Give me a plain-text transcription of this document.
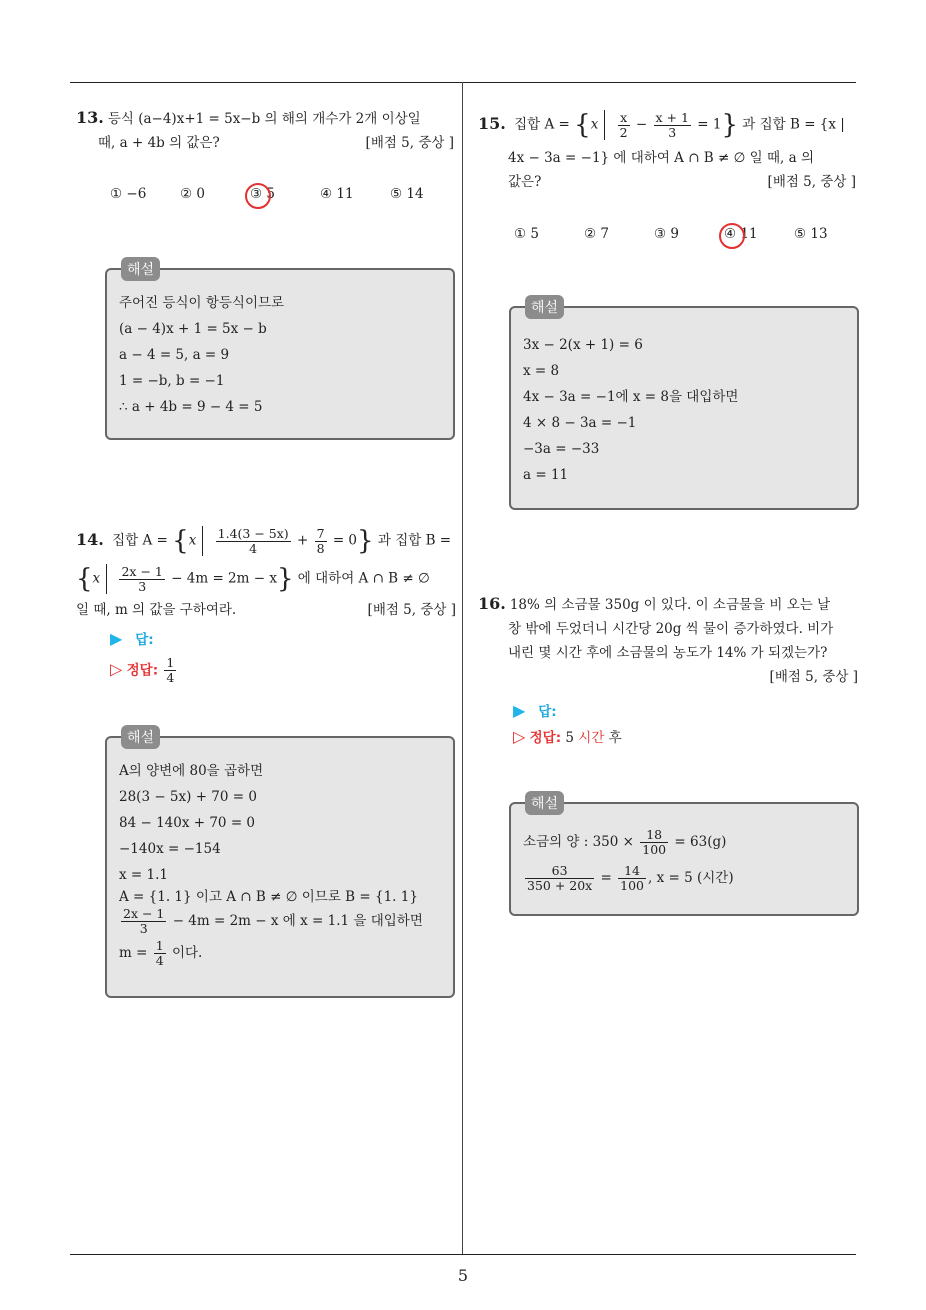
5
13. 등식 (a−4)x+1 = 5x−b 의 해의 개수가 2개 이상일
때, a + 4b 의 값은?	[배점 5, 중상 ]
① −6 ② 0	③ 5	④ 11	⑤ 14
해설
주어진 등식이 항등식이므로
(a − 4)x + 1 = 5x − b
a − 4 = 5, a = 9
1 = −b, b = −1
∴ a + 4b = 9 − 4 = 5
14. 집합 $A = \{x \frac{1.4(3 - 5x)}{4} + \frac{7}{8} = 0\}$ 과 집합 B =
$\{x \frac{2x - 1}{3} - 4m = 2m - x\}$ 에 대하여 A ∩ B ≠ ∅
일 때, m 의 값을 구하여라.	[배점 5, 중상 ]
▶ 답:
▷ 정답: $\frac{1}{4}$
해설
A의 양변에 80을 곱하면
28(3 − 5x) + 70 = 0
84 − 140x + 70 = 0
−140x = −154
x = 1.1
A = {1. 1} 이고 A ∩ B ≠ ∅ 이므로 B = {1. 1}
$\frac{2x - 1}{3} - 4m = 2m - x$ 에 x = 1.1 을 대입하면
$m = \frac{1}{4}$ 이다.
15. 집합 $A = \{x \frac{x}{2} - \frac{x + 1}{3} = 1\}$ 과 집합 B = {x |
4x − 3a = −1} 에 대하여 A ∩ B ≠ ∅ 일 때, a 의
값은?	[배점 5, 중상 ]
① 5	② 7	③ 9	④ 11	⑤ 13
해설
3x − 2(x + 1) = 6
x = 8
4x − 3a = −1에 x = 8을 대입하면
4 × 8 − 3a = −1
−3a = −33
a = 11
16. 18% 의 소금물 350g 이 있다. 이 소금물을 비 오는 날
창 밖에 두었더니 시간당 20g 씩 물이 증가하였다. 비가
내린 몇 시간 후에 소금물의 농도가 14% 가 되겠는가?
[배점 5, 중상 ]
▶ 답:
▷ 정답: 5 시간 후
해설
소금의 양 : $350 \times \frac{18}{100} = 63(g)$
$\frac{63}{350 + 20x} = \frac{14}{100}$ , x = 5 (시간)
